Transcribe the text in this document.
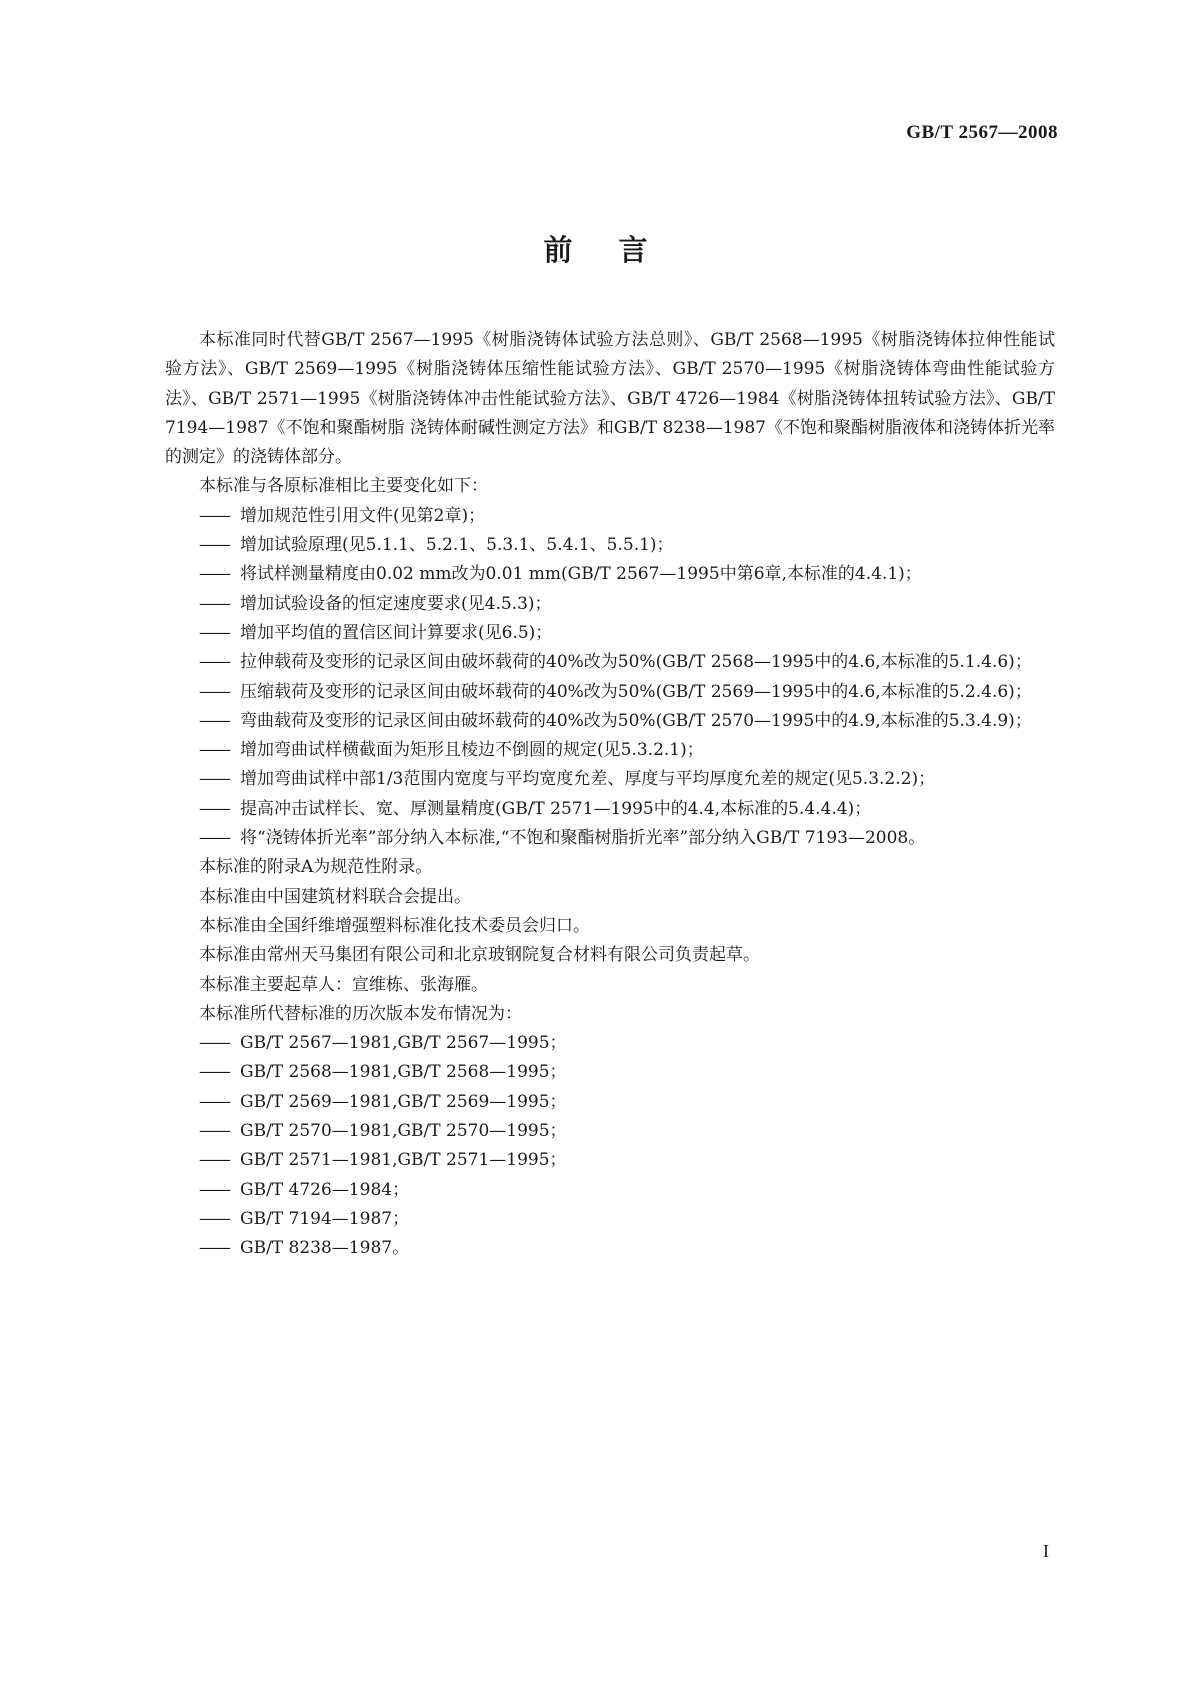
GB/T 2567—2008
前言

本标准同时代替GB/T 2567—1995《树脂浇铸体试验方法总则》、GB/T 2568—1995《树脂浇铸体拉伸性能试验方法》、GB/T 2569—1995《树脂浇铸体压缩性能试验方法》、GB/T 2570—1995《树脂浇铸体弯曲性能试验方法》、GB/T 2571—1995《树脂浇铸体冲击性能试验方法》、GB/T 4726—1984《树脂浇铸体扭转试验方法》、GB/T 7194—1987《不饱和聚酯树脂 浇铸体耐碱性测定方法》和GB/T 8238—1987《不饱和聚酯树脂液体和浇铸体折光率的测定》的浇铸体部分。

本标准与各原标准相比主要变化如下：

—— 增加规范性引用文件(见第2章)；
—— 增加试验原理(见5.1.1、5.2.1、5.3.1、5.4.1、5.5.1)；
—— 将试样测量精度由0.02 mm改为0.01 mm(GB/T 2567—1995中第6章,本标准的4.4.1)；
—— 增加试验设备的恒定速度要求(见4.5.3)；
—— 增加平均值的置信区间计算要求(见6.5)；
—— 拉伸载荷及变形的记录区间由破坏载荷的40%改为50%(GB/T 2568—1995中的4.6,本标准的5.1.4.6)；
—— 压缩载荷及变形的记录区间由破坏载荷的40%改为50%(GB/T 2569—1995中的4.6,本标准的5.2.4.6)；
—— 弯曲载荷及变形的记录区间由破坏载荷的40%改为50%(GB/T 2570—1995中的4.9,本标准的5.3.4.9)；
—— 增加弯曲试样横截面为矩形且棱边不倒圆的规定(见5.3.2.1)；
—— 增加弯曲试样中部1/3范围内宽度与平均宽度允差、厚度与平均厚度允差的规定(见5.3.2.2)；
—— 提高冲击试样长、宽、厚测量精度(GB/T 2571—1995中的4.4,本标准的5.4.4.4)；
—— 将“浇铸体折光率”部分纳入本标准,“不饱和聚酯树脂折光率”部分纳入GB/T 7193—2008。

本标准的附录A为规范性附录。

本标准由中国建筑材料联合会提出。

本标准由全国纤维增强塑料标准化技术委员会归口。

本标准由常州天马集团有限公司和北京玻钢院复合材料有限公司负责起草。

本标准主要起草人：宣维栋、张海雁。

本标准所代替标准的历次版本发布情况为：

—— GB/T 2567—1981,GB/T 2567—1995；
—— GB/T 2568—1981,GB/T 2568—1995；
—— GB/T 2569—1981,GB/T 2569—1995；
—— GB/T 2570—1981,GB/T 2570—1995；
—— GB/T 2571—1981,GB/T 2571—1995；
—— GB/T 4726—1984；
—— GB/T 7194—1987；
—— GB/T 8238—1987。
I
